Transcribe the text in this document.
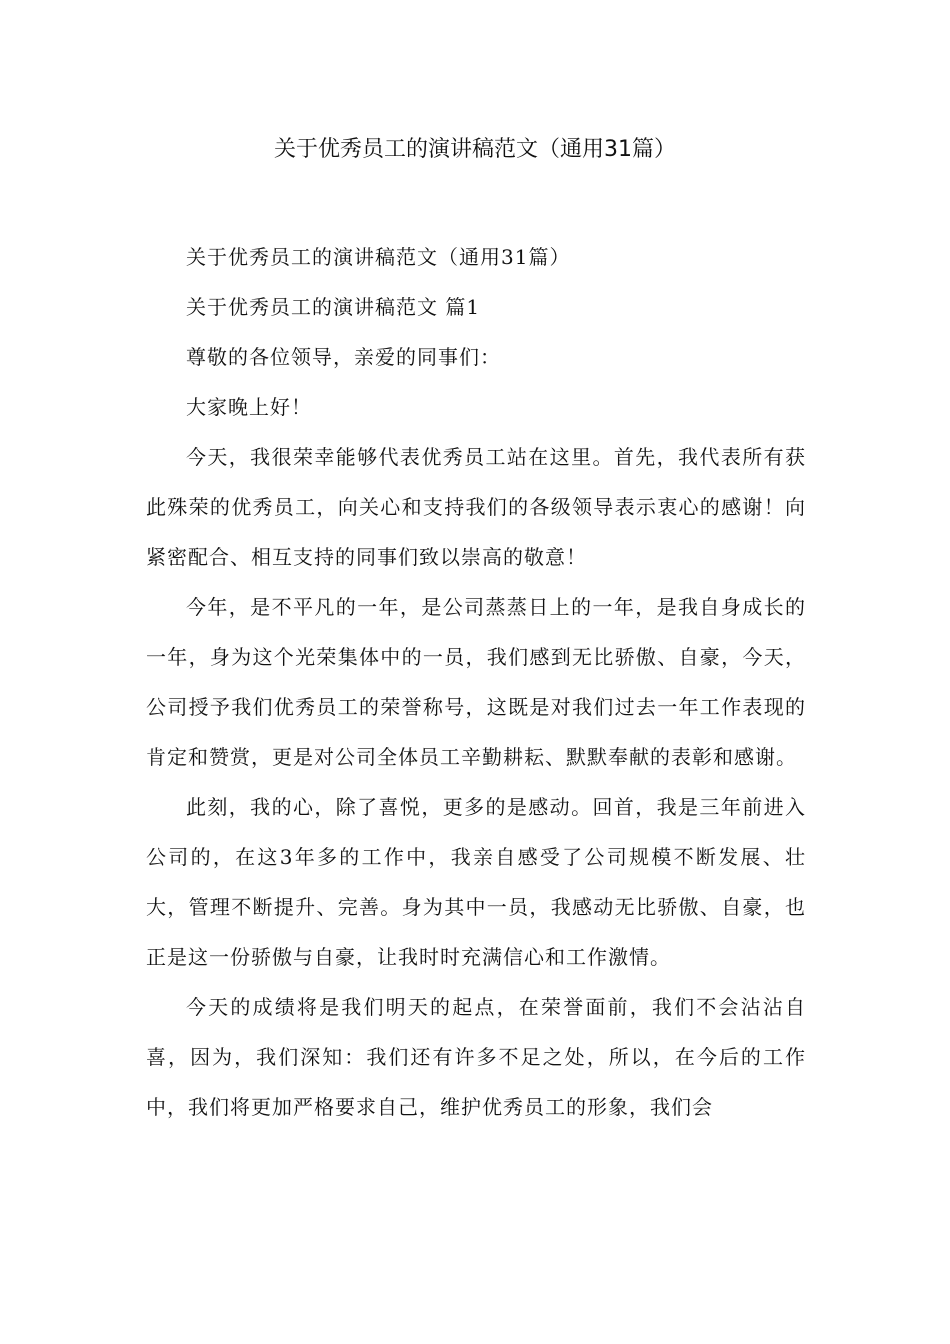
关于优秀员工的演讲稿范文（通用31篇）

关于优秀员工的演讲稿范文（通用31篇）

关于优秀员工的演讲稿范文 篇1

尊敬的各位领导，亲爱的同事们：

大家晚上好！

今天，我很荣幸能够代表优秀员工站在这里。首先，我代表所有获此殊荣的优秀员工，向关心和支持我们的各级领导表示衷心的感谢！向紧密配合、相互支持的同事们致以崇高的敬意！

今年，是不平凡的一年，是公司蒸蒸日上的一年，是我自身成长的一年，身为这个光荣集体中的一员，我们感到无比骄傲、自豪，今天，公司授予我们优秀员工的荣誉称号，这既是对我们过去一年工作表现的肯定和赞赏，更是对公司全体员工辛勤耕耘、默默奉献的表彰和感谢。

此刻，我的心，除了喜悦，更多的是感动。回首，我是三年前进入公司的，在这3年多的工作中，我亲自感受了公司规模不断发展、壮大，管理不断提升、完善。身为其中一员，我感动无比骄傲、自豪，也正是这一份骄傲与自豪，让我时时充满信心和工作激情。

今天的成绩将是我们明天的起点，在荣誉面前，我们不会沾沾自喜，因为，我们深知：我们还有许多不足之处，所以，在今后的工作中，我们将更加严格要求自己，维护优秀员工的形象，我们会
